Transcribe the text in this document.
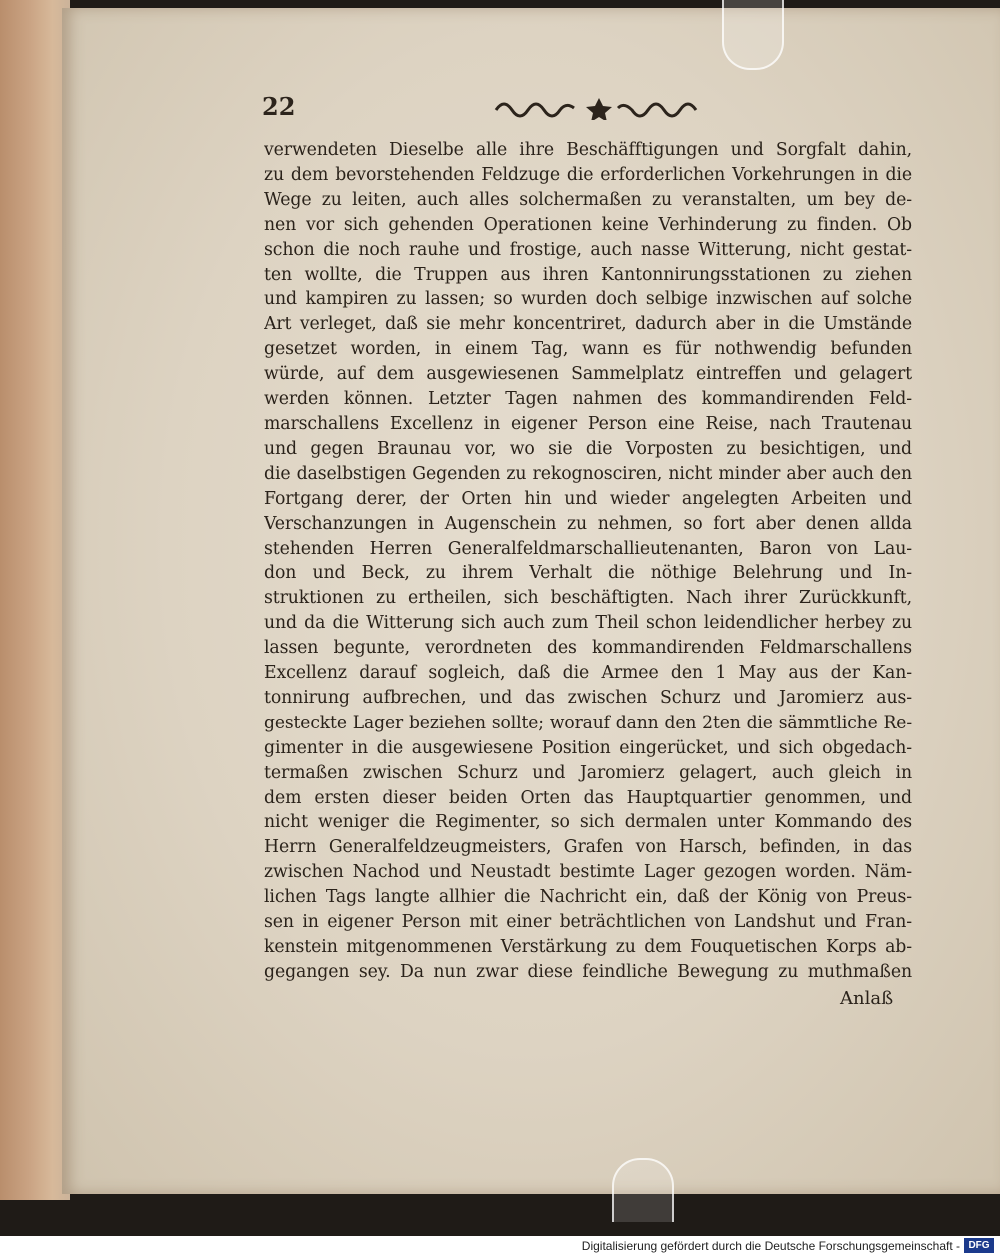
22
verwendeten Dieselbe alle ihre Beschäfftigungen und Sorgfalt dahin,
zu dem bevorstehenden Feldzuge die erforderlichen Vorkehrungen in die
Wege zu leiten, auch alles solchermaßen zu veranstalten, um bey de-
nen vor sich gehenden Operationen keine Verhinderung zu finden. Ob
schon die noch rauhe und frostige, auch nasse Witterung, nicht gestat-
ten wollte, die Truppen aus ihren Kantonnirungsstationen zu ziehen
und kampiren zu lassen; so wurden doch selbige inzwischen auf solche
Art verleget, daß sie mehr koncentriret, dadurch aber in die Umstände
gesetzet worden, in einem Tag, wann es für nothwendig befunden
würde, auf dem ausgewiesenen Sammelplatz eintreffen und gelagert
werden können. Letzter Tagen nahmen des kommandirenden Feld-
marschallens Excellenz in eigener Person eine Reise, nach Trautenau
und gegen Braunau vor, wo sie die Vorposten zu besichtigen, und
die daselbstigen Gegenden zu rekognosciren, nicht minder aber auch den
Fortgang derer, der Orten hin und wieder angelegten Arbeiten und
Verschanzungen in Augenschein zu nehmen, so fort aber denen allda
stehenden Herren Generalfeldmarschallieutenanten, Baron von Lau-
don und Beck, zu ihrem Verhalt die nöthige Belehrung und In-
struktionen zu ertheilen, sich beschäftigten. Nach ihrer Zurückkunft,
und da die Witterung sich auch zum Theil schon leidendlicher herbey zu
lassen begunte, verordneten des kommandirenden Feldmarschallens
Excellenz darauf sogleich, daß die Armee den 1 May aus der Kan-
tonnirung aufbrechen, und das zwischen Schurz und Jaromierz aus-
gesteckte Lager beziehen sollte; worauf dann den 2ten die sämmtliche Re-
gimenter in die ausgewiesene Position eingerücket, und sich obgedach-
termaßen zwischen Schurz und Jaromierz gelagert, auch gleich in
dem ersten dieser beiden Orten das Hauptquartier genommen, und
nicht weniger die Regimenter, so sich dermalen unter Kommando des
Herrn Generalfeldzeugmeisters, Grafen von Harsch, befinden, in das
zwischen Nachod und Neustadt bestimte Lager gezogen worden. Näm-
lichen Tags langte allhier die Nachricht ein, daß der König von Preus-
sen in eigener Person mit einer beträchtlichen von Landshut und Fran-
kenstein mitgenommenen Verstärkung zu dem Fouquetischen Korps ab-
gegangen sey. Da nun zwar diese feindliche Bewegung zu muthmaßen
Anlaß
Digitalisierung gefördert durch die Deutsche Forschungsgemeinschaft - DFG
